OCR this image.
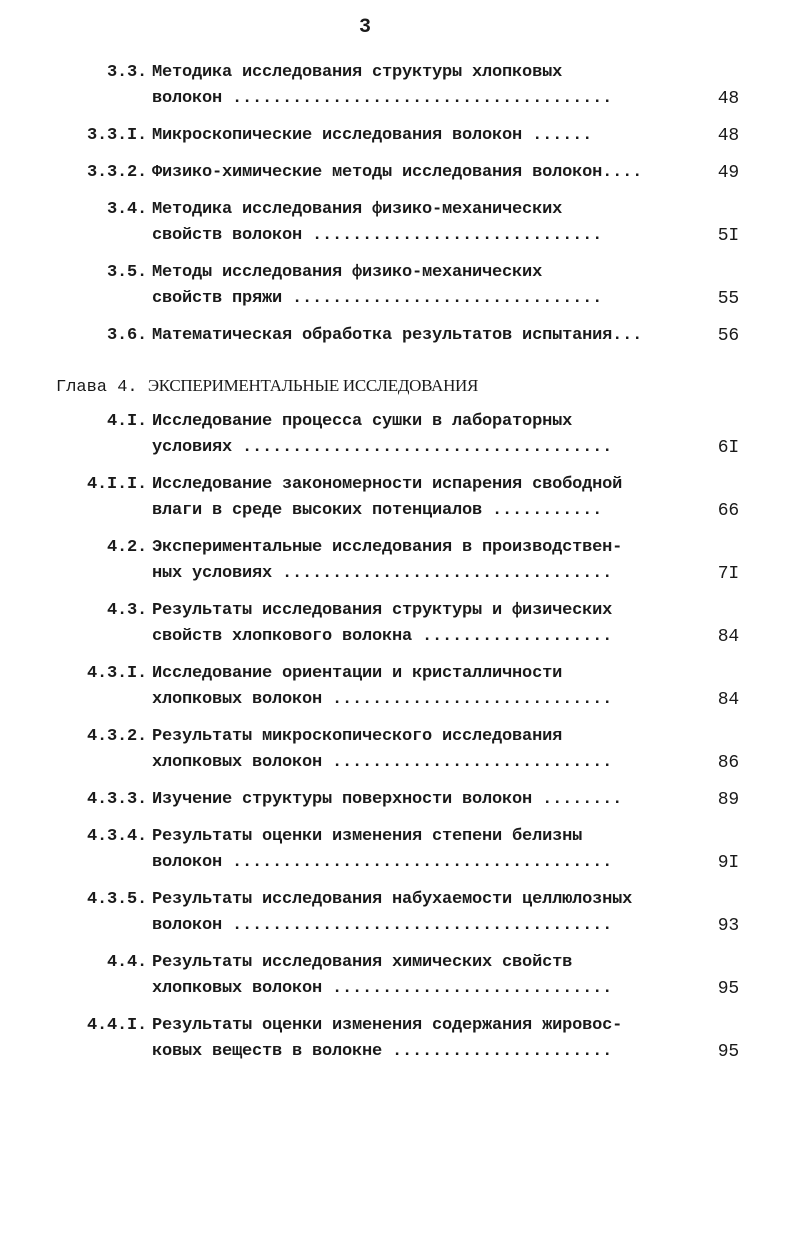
3
3.3. Методика исследования структуры хлопковых
волокон ......................................	48
3.3.I. Микроскопические исследования волокон ......	48
3.3.2. Физико-химические методы исследования волокон....	49
3.4. Методика исследования физико-механических
свойств волокон .............................	5I
3.5. Методы исследования физико-механических
свойств пряжи ...............................	55
3.6. Математическая обработка результатов испытания...	56
Глава 4. ЭКСПЕРИМЕНТАЛЬНЫЕ ИССЛЕДОВАНИЯ
4.I. Исследование процесса сушки в лабораторных
условиях .....................................	6I
4.I.I. Исследование закономерности испарения свободной
влаги в среде высоких потенциалов ...........	66
4.2. Экспериментальные исследования в производствен-
ных условиях .................................	7I
4.3. Результаты исследования структуры и физических
свойств хлопкового волокна ...................	84
4.3.I. Исследование ориентации и кристалличности
хлопковых волокон ............................	84
4.3.2. Результаты микроскопического исследования
хлопковых волокон ............................	86
4.3.3. Изучение структуры поверхности волокон ........	89
4.3.4. Результаты оценки изменения степени белизны
волокон ......................................	9I
4.3.5. Результаты исследования набухаемости целлюлозных
волокон ......................................	93
4.4. Результаты исследования химических свойств
хлопковых волокон ............................	95
4.4.I. Результаты оценки изменения содержания жировос-
ковых веществ в волокне ......................	95
